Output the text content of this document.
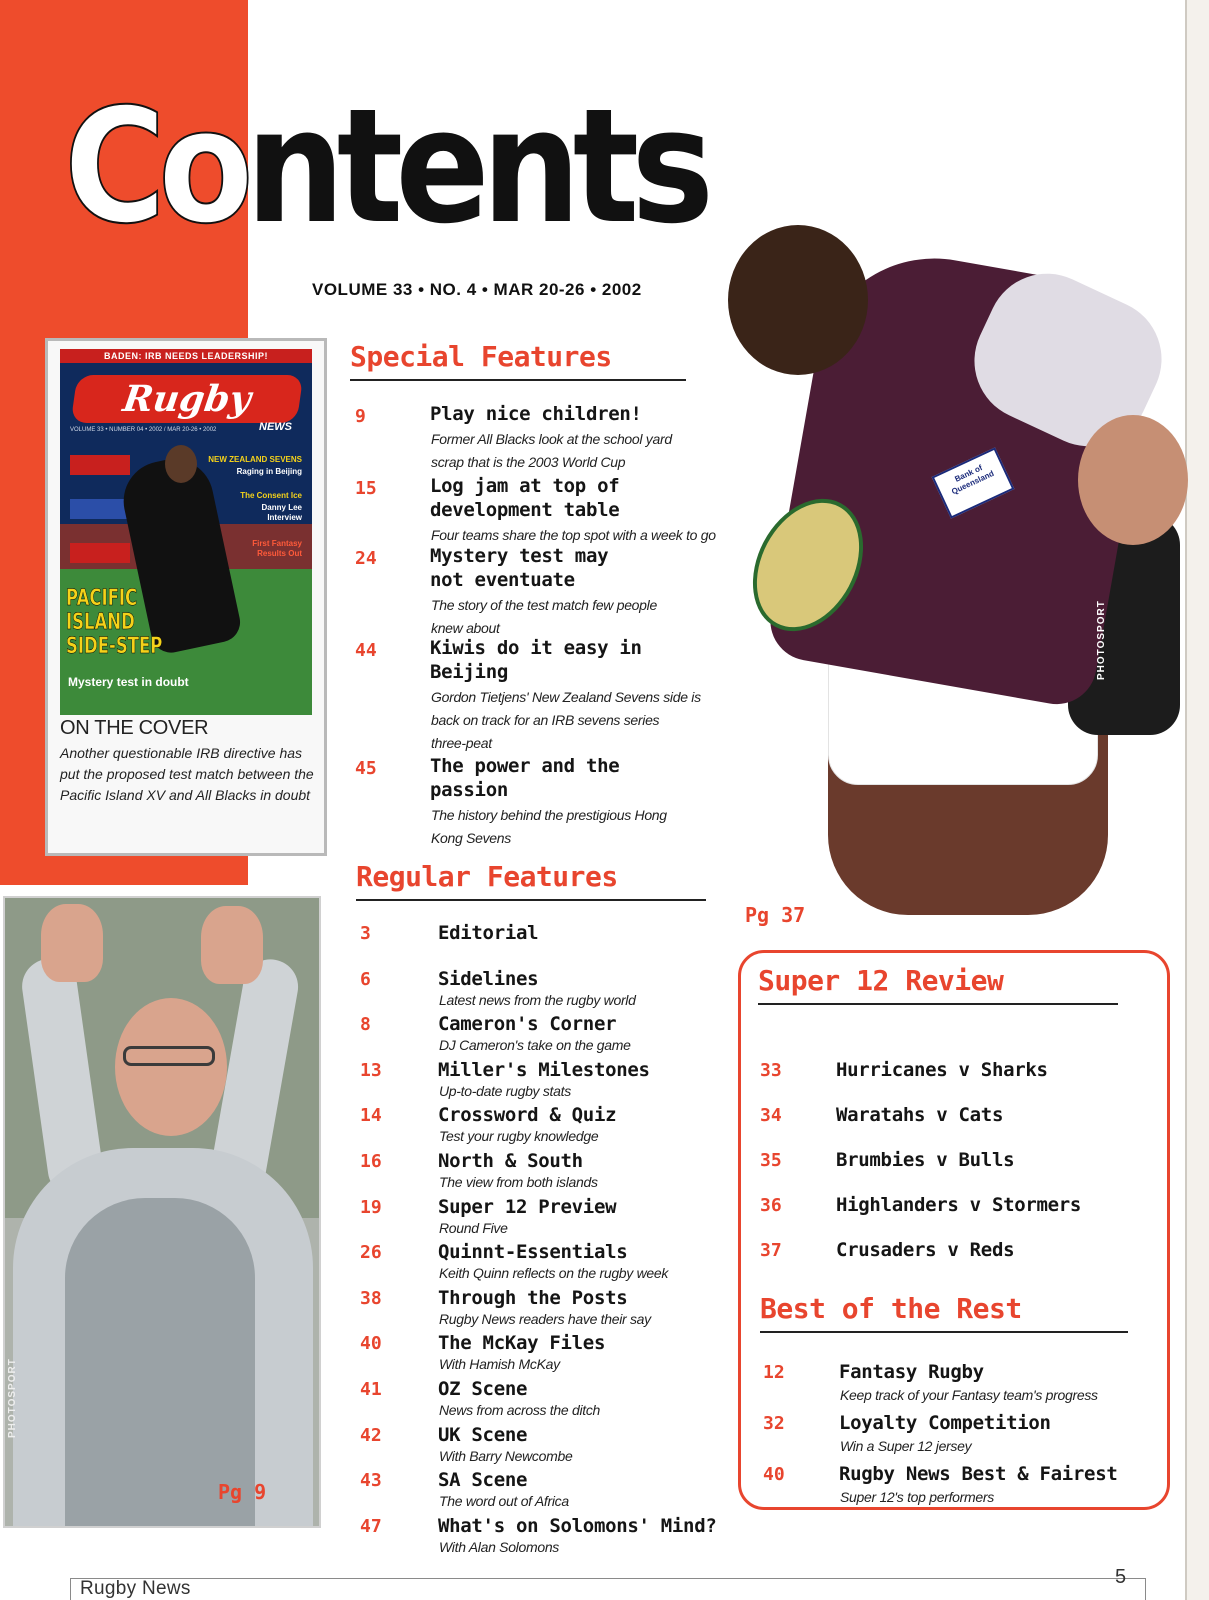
Contents
VOLUME 33 • NO. 4 • MAR 20-26 • 2002
BADEN: IRB NEEDS LEADERSHIP!
Rugby
NEWS
VOLUME 33 • NUMBER 04 • 2002 / MAR 20-26 • 2002
NEW ZEALAND SEVENS
Raging in Beijing
The Consent Ice
Danny Lee Interview
First Fantasy Results Out
PACIFIC ISLAND SIDE-STEP
Mystery test in doubt
ON THE COVER
Another questionable IRB directive has put the proposed test match between the Pacific Island XV and All Blacks in doubt
PHOTOSPORT
Pg 9
Bank of Queensland
PHOTOSPORT
Pg 37
Special Features
9	Play nice children!
Former All Blacks look at the school yard
scrap that is the 2003 World Cup
15	Log jam at top of
development table
Four teams share the top spot with a week to go
24	Mystery test may
not eventuate
The story of the test match few people
knew about
44	Kiwis do it easy in
Beijing
Gordon Tietjens' New Zealand Sevens side is
back on track for an IRB sevens series
three-peat
45	The power and the
passion
The history behind the prestigious Hong
Kong Sevens
Regular Features
3	Editorial
6	Sidelines
Latest news from the rugby world
8	Cameron's Corner
DJ Cameron's take on the game
13	Miller's Milestones
Up-to-date rugby stats
14	Crossword & Quiz
Test your rugby knowledge
16	North & South
The view from both islands
19	Super 12 Preview
Round Five
26	Quinnt-Essentials
Keith Quinn reflects on the rugby week
38	Through the Posts
Rugby News readers have their say
40	The McKay Files
With Hamish McKay
41	OZ Scene
News from across the ditch
42	UK Scene
With Barry Newcombe
43	SA Scene
The word out of Africa
47	What's on Solomons' Mind?
With Alan Solomons
Super 12 Review
33	Hurricanes v Sharks
34	Waratahs v Cats
35	Brumbies v Bulls
36	Highlanders v Stormers
37	Crusaders v Reds
Best of the Rest
12	Fantasy Rugby
Keep track of your Fantasy team's progress
32	Loyalty Competition
Win a Super 12 jersey
40	Rugby News Best & Fairest
Super 12's top performers
Rugby News
5
